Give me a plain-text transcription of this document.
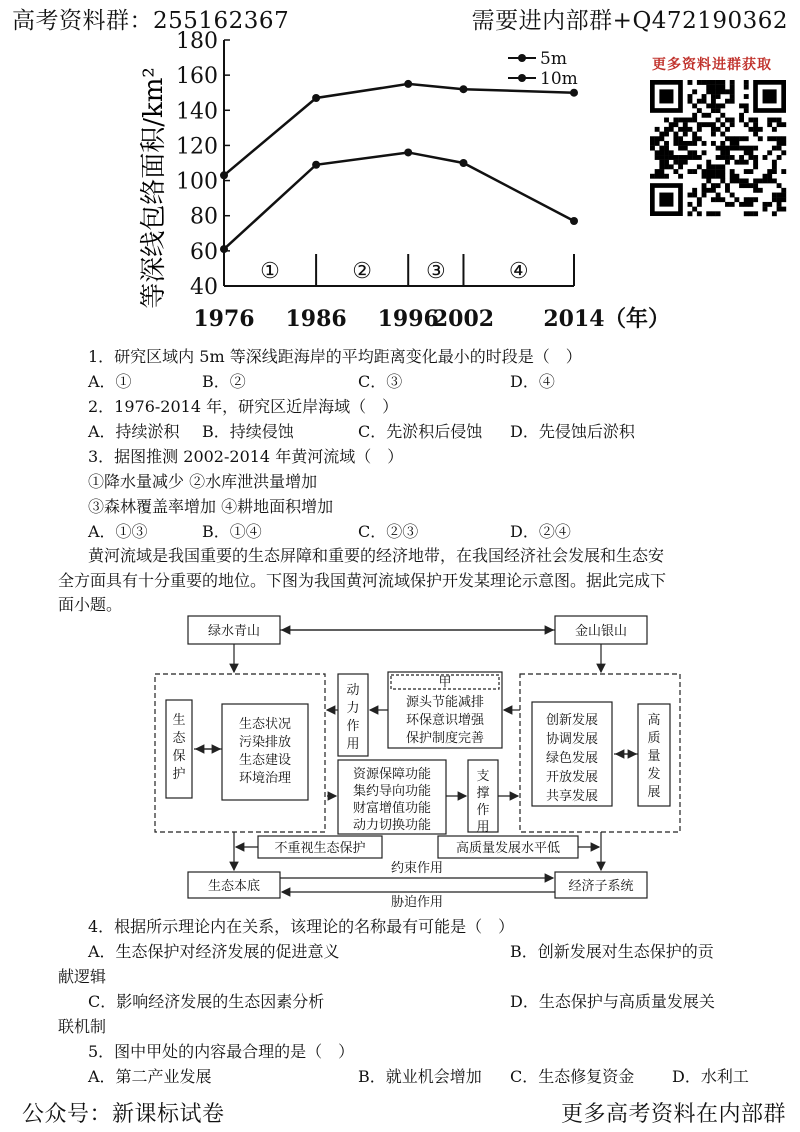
高考资料群：255162367	需要进内部群+Q472190362
更多资料进群获取
等深线包络面积/km² 40
60
80
100
120
140
160
180
1976 1986 1996
2002 2014 （年）
①	② ③	④
5m
10m
1．研究区域内 5m 等深线距海岸的平均距离变化最小的时段是（　）
A．①	B．②	C．③	D．④
2．1976-2014 年，研究区近岸海域（　）
A．持续淤积 B．持续侵蚀	C．先淤积后侵蚀 D．先侵蚀后淤积
3．据图推测 2002-2014 年黄河流域（　）
①降水量减少 ②水库泄洪量增加
③森林覆盖率增加 ④耕地面积增加
A．①③	B．①④	C．②③	D．②④
黄河流域是我国重要的生态屏障和重要的经济地带，在我国经济社会发展和生态安
全方面具有十分重要的地位。下图为我国黄河流域保护开发某理论示意图。据此完成下
面小题。
绿水青山	金山银山
生
态
保
护
生态状况
污染排放
生态建设
环境治理
动
力
作
用
甲
源头节能减排
环保意识增强
保护制度完善
资源保障功能
集约导向功能
财富增值功能
动力切换功能
支
撑
作
用
创新发展
协调发展
绿色发展
开放发展
共享发展
高
质
量
发
展
不重视生态保护	高质量发展水平低
约束作用
生态本底	经济子系统
胁迫作用
4．根据所示理论内在关系，该理论的名称最有可能是（　）
A．生态保护对经济发展的促进意义	B．创新发展对生态保护的贡
献逻辑
C．影响经济发展的生态因素分析	D．生态保护与高质量发展关
联机制
5．图中甲处的内容最合理的是（　）
A．第二产业发展	B．就业机会增加 C．生态修复资金 D．水利工
公众号：新课标试卷	更多高考资料在内部群
